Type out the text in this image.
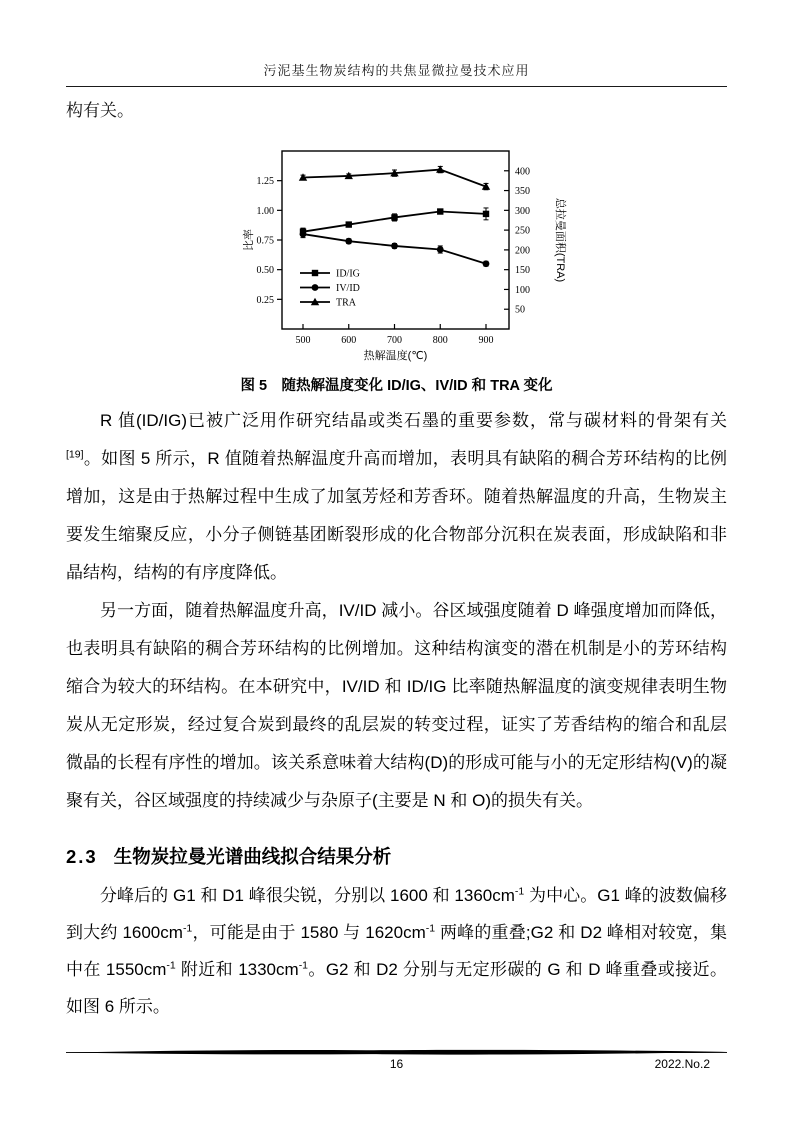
污泥基生物炭结构的共焦显微拉曼技术应用
构有关。
0.25
0.50
0.75
1.00
1.25
50
100
150
200
250
300
350
400
500	600	700	800	900
ID/IG
IV/ID
TRA
热解温度(℃)
比率	总拉曼面积(TRA)
图 5　随热解温度变化 ID/IG、IV/ID 和 TRA 变化

R 值(ID/IG)已被广泛用作研究结晶或类石墨的重要参数，常与碳材料的骨架有关[19]。如图 5 所示，R 值随着热解温度升高而增加，表明具有缺陷的稠合芳环结构的比例增加，这是由于热解过程中生成了加氢芳烃和芳香环。随着热解温度的升高，生物炭主要发生缩聚反应，小分子侧链基团断裂形成的化合物部分沉积在炭表面，形成缺陷和非晶结构，结构的有序度降低。

另一方面，随着热解温度升高，IV/ID 减小。谷区域强度随着 D 峰强度增加而降低，也表明具有缺陷的稠合芳环结构的比例增加。这种结构演变的潜在机制是小的芳环结构缩合为较大的环结构。在本研究中，IV/ID 和 ID/IG 比率随热解温度的演变规律表明生物炭从无定形炭，经过复合炭到最终的乱层炭的转变过程，证实了芳香结构的缩合和乱层微晶的长程有序性的增加。该关系意味着大结构(D)的形成可能与小的无定形结构(V)的凝聚有关，谷区域强度的持续减少与杂原子(主要是 N 和 O)的损失有关。

2.3 生物炭拉曼光谱曲线拟合结果分析

分峰后的 G1 和 D1 峰很尖锐，分别以 1600 和 $1360cm^{-1}$ 为中心。G1 峰的波数偏移到大约 $1600cm^{-1}$，可能是由于 1580 与 $1620cm^{-1}$ 两峰的重叠;G2 和 D2 峰相对较宽，集中在 $1550cm^{-1}$ 附近和 $1330cm^{-1}$。G2 和 D2 分别与无定形碳的 G 和 D 峰重叠或接近。如图 6 所示。

16	2022.No.2
